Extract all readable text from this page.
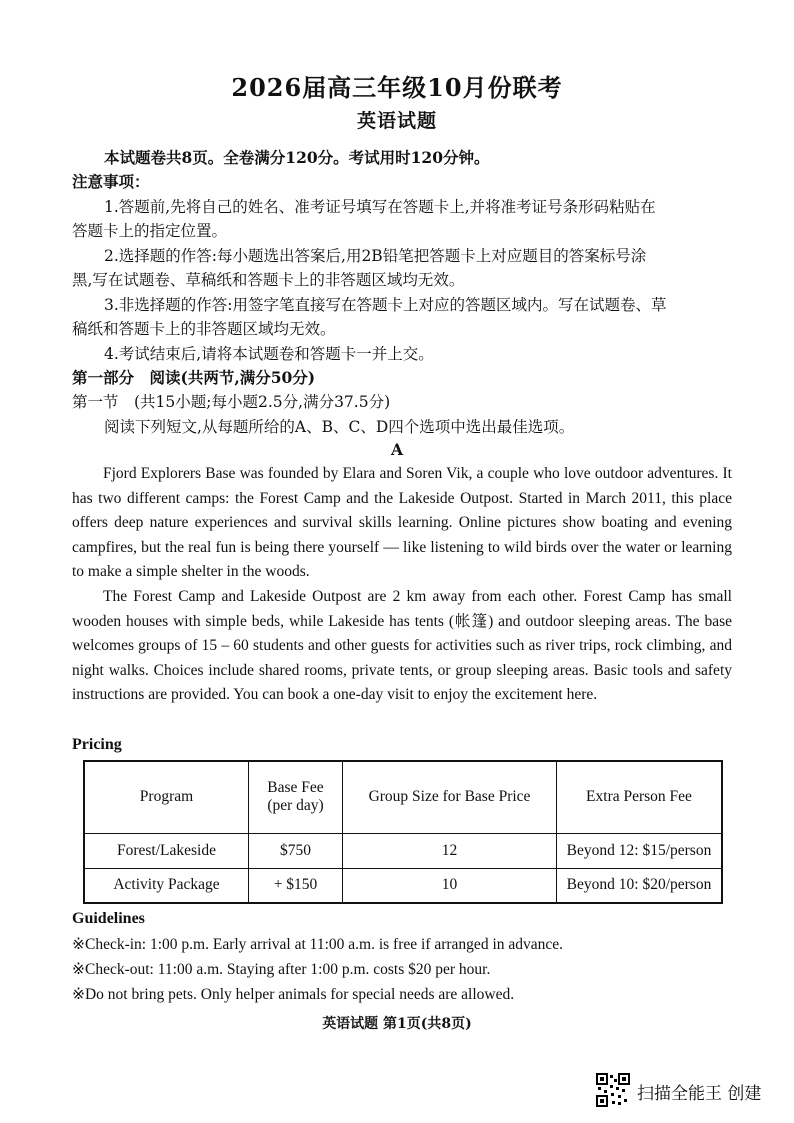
2026届高三年级10月份联考
英语试题
本试题卷共8页。全卷满分120分。考试用时120分钟。
注意事项：
1.答题前,先将自己的姓名、准考证号填写在答题卡上,并将准考证号条形码粘贴在
答题卡上的指定位置。
2.选择题的作答:每小题选出答案后,用2B铅笔把答题卡上对应题目的答案标号涂
黑,写在试题卷、草稿纸和答题卡上的非答题区域均无效。
3.非选择题的作答:用签字笔直接写在答题卡上对应的答题区域内。写在试题卷、草
稿纸和答题卡上的非答题区域均无效。
4.考试结束后,请将本试题卷和答题卡一并上交。
第一部分　阅读(共两节,满分50分)
第一节　(共15小题;每小题2.5分,满分37.5分)
阅读下列短文,从每题所给的A、B、C、D四个选项中选出最佳选项。
A

Fjord Explorers Base was founded by Elara and Soren Vik, a couple who love outdoor adventures. It has two different camps: the Forest Camp and the Lakeside Outpost. Started in March 2011, this place offers deep nature experiences and survival skills learning. Online pictures show boating and evening campfires, but the real fun is being there yourself — like listening to wild birds over the water or learning to make a simple shelter in the woods.

The Forest Camp and Lakeside Outpost are 2 km away from each other. Forest Camp has small wooden houses with simple beds, while Lakeside has tents (帐篷) and outdoor sleeping areas. The base welcomes groups of 15 – 60 students and other guests for activities such as river trips, rock climbing, and night walks. Choices include shared rooms, private tents, or group sleeping areas. Basic tools and safety instructions are provided. You can book a one-day visit to enjoy the excitement here.

Pricing
Program	Base Fee (per day)	Group Size for Base Price	Extra Person Fee
Forest/Lakeside	$750	12	Beyond 12: $15/person
Activity Package	+ $150	10	Beyond 10: $20/person
Guidelines
※Check-in: 1:00 p.m. Early arrival at 11:00 a.m. is free if arranged in advance.
※Check-out: 11:00 a.m. Staying after 1:00 p.m. costs $20 per hour.
※Do not bring pets. Only helper animals for special needs are allowed.
英语试题 第1页(共8页)
扫描全能王 创建
